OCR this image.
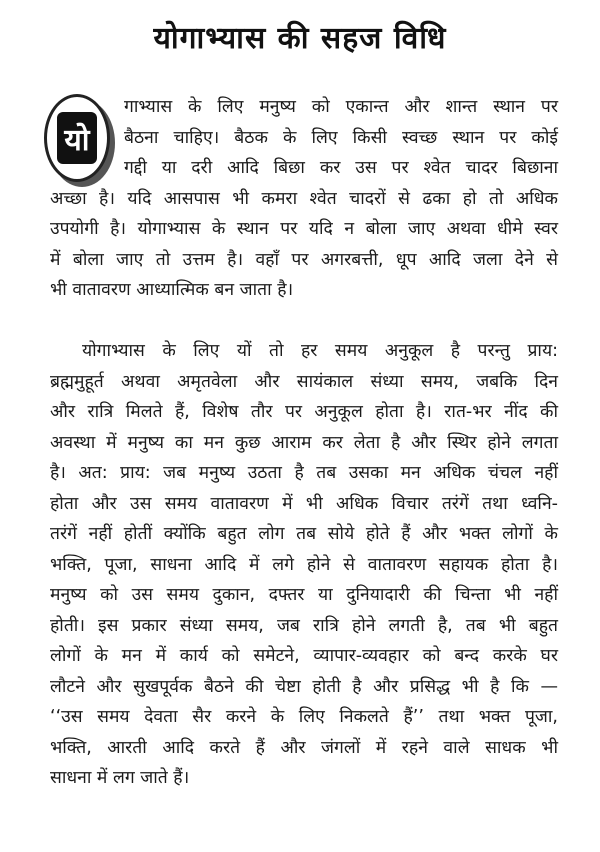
योगाभ्यास की सहज विधि
यो
गाभ्यास के लिए मनुष्य को एकान्त और शान्त स्थान पर
बैठना चाहिए। बैठक के लिए किसी स्वच्छ स्थान पर कोई
गद्दी या दरी आदि बिछा कर उस पर श्वेत चादर बिछाना
अच्छा है। यदि आसपास भी कमरा श्वेत चादरों से ढका हो तो अधिक
उपयोगी है। योगाभ्यास के स्थान पर यदि न बोला जाए अथवा धीमे स्वर
में बोला जाए तो उत्तम है। वहाँ पर अगरबत्ती, धूप आदि जला देने से
भी वातावरण आध्यात्मिक बन जाता है।
योगाभ्यास के लिए यों तो हर समय अनुकूल है परन्तु प्राय:
ब्रह्ममुहूर्त अथवा अमृतवेला और सायंकाल संध्या समय, जबकि दिन
और रात्रि मिलते हैं, विशेष तौर पर अनुकूल होता है। रात-भर नींद की
अवस्था में मनुष्य का मन कुछ आराम कर लेता है और स्थिर होने लगता
है। अत: प्राय: जब मनुष्य उठता है तब उसका मन अधिक चंचल नहीं
होता और उस समय वातावरण में भी अधिक विचार तरंगें तथा ध्वनि-
तरंगें नहीं होतीं क्योंकि बहुत लोग तब सोये होते हैं और भक्त लोगों के
भक्ति, पूजा, साधना आदि में लगे होने से वातावरण सहायक होता है।
मनुष्य को उस समय दुकान, दफ्तर या दुनियादारी की चिन्ता भी नहीं
होती। इस प्रकार संध्या समय, जब रात्रि होने लगती है, तब भी बहुत
लोगों के मन में कार्य को समेटने, व्यापार-व्यवहार को बन्द करके घर
लौटने और सुखपूर्वक बैठने की चेष्टा होती है और प्रसिद्ध भी है कि —
‘‘उस समय देवता सैर करने के लिए निकलते हैं’’ तथा भक्त पूजा,
भक्ति, आरती आदि करते हैं और जंगलों में रहने वाले साधक भी
साधना में लग जाते हैं।
